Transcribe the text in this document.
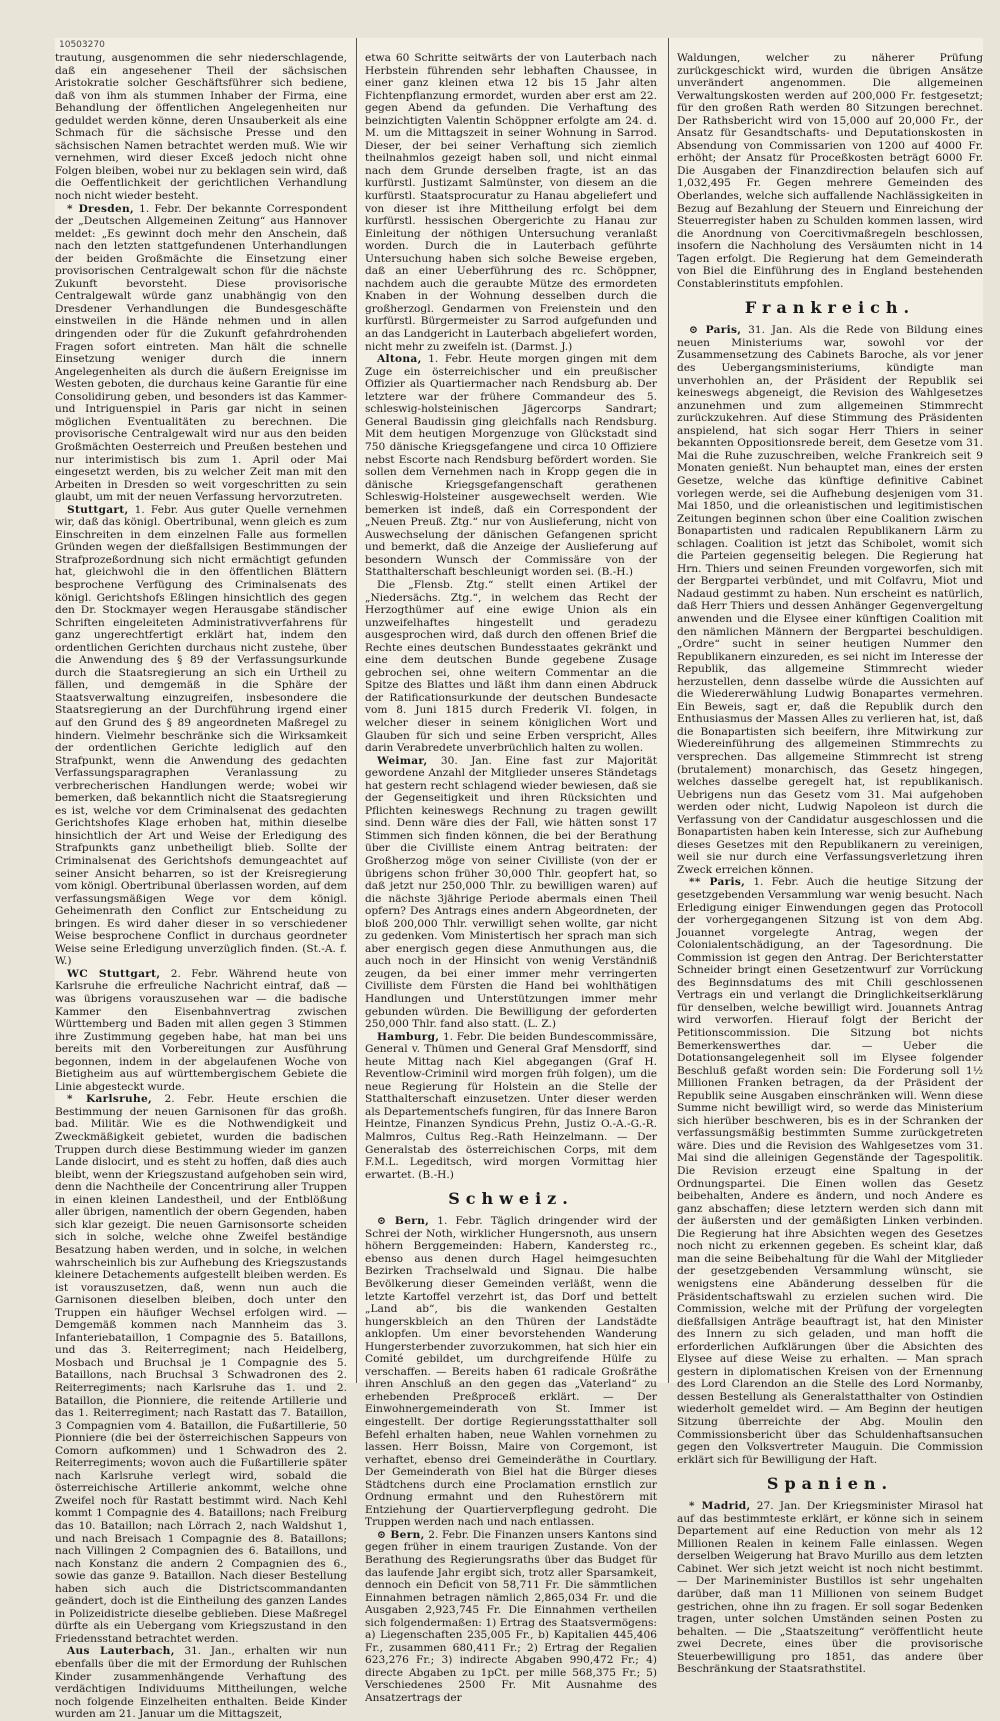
10503270

trautung, ausgenommen die sehr niederschlagende, daß ein angesehener Theil der sächsischen Aristokratie solcher Geschäftsführer sich bediene, daß von ihm als stummen Inhaber der Firma, eine Behandlung der öffentlichen Angelegenheiten nur geduldet werden könne, deren Unsauberkeit als eine Schmach für die sächsische Presse und den sächsischen Namen betrachtet werden muß. Wie wir vernehmen, wird dieser Exceß jedoch nicht ohne Folgen bleiben, wobei nur zu beklagen sein wird, daß die Oeffentlichkeit der gerichtlichen Verhandlung noch nicht wieder besteht.

* Dresden, 1. Febr. Der bekannte Correspondent der „Deutschen Allgemeinen Zeitung“ aus Hannover meldet: „Es gewinnt doch mehr den Anschein, daß nach den letzten stattgefundenen Unterhandlungen der beiden Großmächte die Einsetzung einer provisorischen Centralgewalt schon für die nächste Zukunft bevorsteht. Diese provisorische Centralgewalt würde ganz unabhängig von den Dresdener Verhandlungen die Bundesgeschäfte einstweilen in die Hände nehmen und in allen dringenden oder für die Zukunft gefahrdrohenden Fragen sofort eintreten. Man hält die schnelle Einsetzung weniger durch die innern Angelegenheiten als durch die äußern Ereignisse im Westen geboten, die durchaus keine Garantie für eine Consolidirung geben, und besonders ist das Kammer- und Intriguenspiel in Paris gar nicht in seinen möglichen Eventualitäten zu berechnen. Die provisorische Centralgewalt wird nur aus den beiden Großmächten Oesterreich und Preußen bestehen und nur interimistisch bis zum 1. April oder Mai eingesetzt werden, bis zu welcher Zeit man mit den Arbeiten in Dresden so weit vorgeschritten zu sein glaubt, um mit der neuen Verfassung hervorzutreten.

Stuttgart, 1. Febr. Aus guter Quelle vernehmen wir, daß das königl. Obertribunal, wenn gleich es zum Einschreiten in dem einzelnen Falle aus formellen Gründen wegen der dießfallsigen Bestimmungen der Strafprozeßordnung sich nicht ermächtigt gefunden hat, gleichwohl die in den öffentlichen Blättern besprochene Verfügung des Criminalsenats des königl. Gerichtshofs Eßlingen hinsichtlich des gegen den Dr. Stockmayer wegen Herausgabe ständischer Schriften eingeleiteten Administrativverfahrens für ganz ungerechtfertigt erklärt hat, indem den ordentlichen Gerichten durchaus nicht zustehe, über die Anwendung des § 89 der Verfassungsurkunde durch die Staatsregierung an sich ein Urtheil zu fällen, und demgemäß in die Sphäre der Staatsverwaltung einzugreifen, insbesondere die Staatsregierung an der Durchführung irgend einer auf den Grund des § 89 angeordneten Maßregel zu hindern. Vielmehr beschränke sich die Wirksamkeit der ordentlichen Gerichte lediglich auf den Strafpunkt, wenn die Anwendung des gedachten Verfassungsparagraphen Veranlassung zu verbrecherischen Handlungen werde; wobei wir bemerken, daß bekanntlich nicht die Staatsregierung es ist, welche vor dem Criminalsenat des gedachten Gerichtshofes Klage erhoben hat, mithin dieselbe hinsichtlich der Art und Weise der Erledigung des Strafpunkts ganz unbetheiligt blieb. Sollte der Criminalsenat des Gerichtshofs demungeachtet auf seiner Ansicht beharren, so ist der Kreisregierung vom königl. Obertribunal überlassen worden, auf dem verfassungsmäßigen Wege vor dem königl. Geheimenrath den Conflict zur Entscheidung zu bringen. Es wird daher dieser in so verschiedener Weise besprochene Conflict in durchaus geordneter Weise seine Erledigung unverzüglich finden. (St.-A. f. W.)

WC Stuttgart, 2. Febr. Während heute von Karlsruhe die erfreuliche Nachricht eintraf, daß — was übrigens vorauszusehen war — die badische Kammer den Eisenbahnvertrag zwischen Württemberg und Baden mit allen gegen 3 Stimmen ihre Zustimmung gegeben habe, hat man bei uns bereits mit den Vorbereitungen zur Ausführung begonnen, indem in der abgelaufenen Woche von Bietigheim aus auf württembergischem Gebiete die Linie abgesteckt wurde.

* Karlsruhe, 2. Febr. Heute erschien die Bestimmung der neuen Garnisonen für das großh. bad. Militär. Wie es die Nothwendigkeit und Zweckmäßigkeit gebietet, wurden die badischen Truppen durch diese Bestimmung wieder im ganzen Lande dislocirt, und es steht zu hoffen, daß dies auch bleibt, wenn der Kriegszustand aufgehoben sein wird, denn die Nachtheile der Concentrirung aller Truppen in einen kleinen Landestheil, und der Entblößung aller übrigen, namentlich der obern Gegenden, haben sich klar gezeigt. Die neuen Garnisonsorte scheiden sich in solche, welche ohne Zweifel beständige Besatzung haben werden, und in solche, in welchen wahrscheinlich bis zur Aufhebung des Kriegszustands kleinere Detachements aufgestellt bleiben werden. Es ist vorauszusetzen, daß, wenn nun auch die Garnisonen dieselben bleiben, doch unter den Truppen ein häufiger Wechsel erfolgen wird. — Demgemäß kommen nach Mannheim das 3. Infanteriebataillon, 1 Compagnie des 5. Bataillons, und das 3. Reiterregiment; nach Heidelberg, Mosbach und Bruchsal je 1 Compagnie des 5. Bataillons, nach Bruchsal 3 Schwadronen des 2. Reiterregiments; nach Karlsruhe das 1. und 2. Bataillon, die Pionniere, die reitende Artillerie und das 1. Reiterregiment; nach Rastatt das 7. Bataillon, 3 Compagnien vom 4. Bataillon, die Fußartillerie, 50 Pionniere (die bei der österreichischen Sappeurs von Comorn aufkommen) und 1 Schwadron des 2. Reiterregiments; wovon auch die Fußartillerie später nach Karlsruhe verlegt wird, sobald die österreichische Artillerie ankommt, welche ohne Zweifel noch für Rastatt bestimmt wird. Nach Kehl kommt 1 Compagnie des 4. Bataillons; nach Freiburg das 10. Bataillon; nach Lörrach 2, nach Waldshut 1, und nach Breisach 1 Compagnie des 8. Bataillons; nach Villingen 2 Compagnien des 6. Bataillons, und nach Konstanz die andern 2 Compagnien des 6., sowie das ganze 9. Bataillon. Nach dieser Bestellung haben sich auch die Districtscommandanten geändert, doch ist die Eintheilung des ganzen Landes in Polizeidistricte dieselbe geblieben. Diese Maßregel dürfte als ein Uebergang vom Kriegszustand in den Friedensstand betrachtet werden.

Aus Lauterbach, 31. Jan., erhalten wir nun ebenfalls über die mit der Ermordung der Ruhlschen Kinder zusammenhängende Verhaftung des verdächtigen Individuums Mittheilungen, welche noch folgende Einzelheiten enthalten. Beide Kinder wurden am 21. Januar um die Mittagszeit,

etwa 60 Schritte seitwärts der von Lauterbach nach Herbstein führenden sehr lebhaften Chaussee, in einer ganz kleinen etwa 12 bis 15 Jahr alten Fichtenpflanzung ermordet, wurden aber erst am 22. gegen Abend da gefunden. Die Verhaftung des beinzichtigten Valentin Schöppner erfolgte am 24. d. M. um die Mittagszeit in seiner Wohnung in Sarrod. Dieser, der bei seiner Verhaftung sich ziemlich theilnahmlos gezeigt haben soll, und nicht einmal nach dem Grunde derselben fragte, ist an das kurfürstl. Justizamt Salmünster, von diesem an die kurfürstl. Staatsprocuratur zu Hanau abgeliefert und von dieser ist ihre Mittheilung erfolgt bei dem kurfürstl. hessischen Obergerichte zu Hanau zur Einleitung der nöthigen Untersuchung veranlaßt worden. Durch die in Lauterbach geführte Untersuchung haben sich solche Beweise ergeben, daß an einer Ueberführung des rc. Schöppner, nachdem auch die geraubte Mütze des ermordeten Knaben in der Wohnung desselben durch die großherzogl. Gendarmen von Freienstein und den kurfürstl. Bürgermeister zu Sarrod aufgefunden und an das Landgericht in Lauterbach abgeliefert worden, nicht mehr zu zweifeln ist. (Darmst. J.)

Altona, 1. Febr. Heute morgen gingen mit dem Zuge ein österreichischer und ein preußischer Offizier als Quartiermacher nach Rendsburg ab. Der letztere war der frühere Commandeur des 5. schleswig-holsteinischen Jägercorps Sandrart; General Baudissin ging gleichfalls nach Rendsburg. Mit dem heutigen Morgenzuge von Glückstadt sind 750 dänische Kriegsgefangene und circa 10 Offiziere nebst Escorte nach Rendsburg befördert worden. Sie sollen dem Vernehmen nach in Kropp gegen die in dänische Kriegsgefangenschaft gerathenen Schleswig-Holsteiner ausgewechselt werden. Wie bemerken ist indeß, daß ein Correspondent der „Neuen Preuß. Ztg.“ nur von Auslieferung, nicht von Auswechselung der dänischen Gefangenen spricht und bemerkt, daß die Anzeige der Auslieferung auf besondern Wunsch der Commissäre von der Statthalterschaft beschleunigt worden sei. (B.-H.)

Die „Flensb. Ztg.“ stellt einen Artikel der „Niedersächs. Ztg.“, in welchem das Recht der Herzogthümer auf eine ewige Union als ein unzweifelhaftes hingestellt und geradezu ausgesprochen wird, daß durch den offenen Brief die Rechte eines deutschen Bundesstaates gekränkt und eine dem deutschen Bunde gegebene Zusage gebrochen sei, ohne weitern Commentar an die Spitze des Blattes und läßt ihm dann einen Abdruck der Ratificationsurkunde der deutschen Bundesacte vom 8. Juni 1815 durch Frederik VI. folgen, in welcher dieser in seinem königlichen Wort und Glauben für sich und seine Erben verspricht, Alles darin Verabredete unverbrüchlich halten zu wollen.

Weimar, 30. Jan. Eine fast zur Majorität gewordene Anzahl der Mitglieder unseres Ständetags hat gestern recht schlagend wieder bewiesen, daß sie der Gegenseitigkeit und ihren Rücksichten und Pflichten keineswegs Rechnung zu tragen gewillt sind. Denn wäre dies der Fall, wie hätten sonst 17 Stimmen sich finden können, die bei der Berathung über die Civilliste einem Antrag beitraten: der Großherzog möge von seiner Civilliste (von der er übrigens schon früher 30,000 Thlr. geopfert hat, so daß jetzt nur 250,000 Thlr. zu bewilligen waren) auf die nächste 3jährige Periode abermals einen Theil opfern? Des Antrags eines andern Abgeordneten, der bloß 200,000 Thlr. verwilligt sehen wollte, gar nicht zu gedenken. Vom Ministertisch her sprach man sich aber energisch gegen diese Anmuthungen aus, die auch noch in der Hinsicht von wenig Verständniß zeugen, da bei einer immer mehr verringerten Civilliste dem Fürsten die Hand bei wohlthätigen Handlungen und Unterstützungen immer mehr gebunden würden. Die Bewilligung der geforderten 250,000 Thlr. fand also statt. (L. Z.)

Hamburg, 1. Febr. Die beiden Bundescommissäre, General v. Thümen und General Graf Mensdorff, sind heute Mittag nach Kiel abgegangen (Graf H. Reventlow-Criminil wird morgen früh folgen), um die neue Regierung für Holstein an die Stelle der Statthalterschaft einzusetzen. Unter dieser werden als Departementschefs fungiren, für das Innere Baron Heintze, Finanzen Syndicus Prehn, Justiz O.-A.-G.-R. Malmros, Cultus Reg.-Rath Heinzelmann. — Der Generalstab des österreichischen Corps, mit dem F.M.L. Legeditsch, wird morgen Vormittag hier erwartet. (B.-H.)

Schweiz.

⊙ Bern, 1. Febr. Täglich dringender wird der Schrei der Noth, wirklicher Hungersnoth, aus unsern höhern Berggemeinden: Habern, Kandersteg rc., ebenso aus denen durch Hagel heimgesuchten Bezirken Trachselwald und Signau. Die halbe Bevölkerung dieser Gemeinden verläßt, wenn die letzte Kartoffel verzehrt ist, das Dorf und bettelt „Land ab“, bis die wankenden Gestalten hungerskbleich an den Thüren der Landstädte anklopfen. Um einer bevorstehenden Wanderung Hungersterbender zuvorzukommen, hat sich hier ein Comité gebildet, um durchgreifende Hülfe zu verschaffen. — Bereits haben 61 radicale Großräthe ihren Anschluß an den gegen das „Vaterland“ zu erhebenden Preßproceß erklärt. — Der Einwohnergemeinderath von St. Immer ist eingestellt. Der dortige Regierungsstatthalter soll Befehl erhalten haben, neue Wahlen vornehmen zu lassen. Herr Boissn, Maire von Corgemont, ist verhaftet, ebenso drei Gemeinderäthe in Courtlary. Der Gemeinderath von Biel hat die Bürger dieses Städtchens durch eine Proclamation ernstlich zur Ordnung ermahnt und den Ruhestörern mit Entziehung der Quartierverpflegung gedroht. Die Truppen werden nach und nach entlassen.

⊙ Bern, 2. Febr. Die Finanzen unsers Kantons sind gegen früher in einem traurigen Zustande. Von der Berathung des Regierungsraths über das Budget für das laufende Jahr ergibt sich, trotz aller Sparsamkeit, dennoch ein Deficit von 58,711 Fr. Die sämmtlichen Einnahmen betragen nämlich 2,865,034 Fr. und die Ausgaben 2,923,745 Fr. Die Einnahmen vertheilen sich folgendermaßen: 1) Ertrag des Staatsvermögens: a) Liegenschaften 235,005 Fr., b) Kapitalien 445,406 Fr., zusammen 680,411 Fr.; 2) Ertrag der Regalien 623,276 Fr.; 3) indirecte Abgaben 990,472 Fr.; 4) directe Abgaben zu 1pCt. per mille 568,375 Fr.; 5) Verschiedenes 2500 Fr. Mit Ausnahme des Ansatzertrags der

Waldungen, welcher zu näherer Prüfung zurückgeschickt wird, wurden die übrigen Ansätze unverändert angenommen. Die allgemeinen Verwaltungskosten werden auf 200,000 Fr. festgesetzt; für den großen Rath werden 80 Sitzungen berechnet. Der Rathsbericht wird von 15,000 auf 20,000 Fr., der Ansatz für Gesandtschafts- und Deputationskosten in Absendung von Commissarien von 1200 auf 4000 Fr. erhöht; der Ansatz für Proceßkosten beträgt 6000 Fr. Die Ausgaben der Finanzdirection belaufen sich auf 1,032,495 Fr. Gegen mehrere Gemeinden des Oberlandes, welche sich auffallende Nachlässigkeiten in Bezug auf Bezahlung der Steuern und Einreichung der Steuerregister haben zu Schulden kommen lassen, wird die Anordnung von Coercitivmaßregeln beschlossen, insofern die Nachholung des Versäumten nicht in 14 Tagen erfolgt. Die Regierung hat dem Gemeinderath von Biel die Einführung des in England bestehenden Constablerinstituts empfohlen.

Frankreich.

⊙ Paris, 31. Jan. Als die Rede von Bildung eines neuen Ministeriums war, sowohl vor der Zusammensetzung des Cabinets Baroche, als vor jener des Uebergangsministeriums, kündigte man unverhohlen an, der Präsident der Republik sei keineswegs abgeneigt, die Revision des Wahlgesetzes anzunehmen und zum allgemeinen Stimmrecht zurückzukehren. Auf diese Stimmung des Präsidenten anspielend, hat sich sogar Herr Thiers in seiner bekannten Oppositionsrede bereit, dem Gesetze vom 31. Mai die Ruhe zuzuschreiben, welche Frankreich seit 9 Monaten genießt. Nun behauptet man, eines der ersten Gesetze, welche das künftige definitive Cabinet vorlegen werde, sei die Aufhebung desjenigen vom 31. Mai 1850, und die orleanistischen und legitimistischen Zeitungen beginnen schon über eine Coalition zwischen Bonapartisten und radicalen Republikanern Lärm zu schlagen. Coalition ist jetzt das Schibolet, womit sich die Parteien gegenseitig belegen. Die Regierung hat Hrn. Thiers und seinen Freunden vorgeworfen, sich mit der Bergpartei verbündet, und mit Colfavru, Miot und Nadaud gestimmt zu haben. Nun erscheint es natürlich, daß Herr Thiers und dessen Anhänger Gegenvergeltung anwenden und die Elysee einer künftigen Coalition mit den nämlichen Männern der Bergpartei beschuldigen. „Ordre“ sucht in seiner heutigen Nummer den Republikanern einzureden, es sei nicht im Interesse der Republik, das allgemeine Stimmrecht wieder herzustellen, denn dasselbe würde die Aussichten auf die Wiedererwählung Ludwig Bonapartes vermehren. Ein Beweis, sagt er, daß die Republik durch den Enthusiasmus der Massen Alles zu verlieren hat, ist, daß die Bonapartisten sich beeifern, ihre Mitwirkung zur Wiedereinführung des allgemeinen Stimmrechts zu versprechen. Das allgemeine Stimmrecht ist streng (brutalement) monarchisch, das Gesetz hingegen, welches dasselbe geregelt hat, ist republikanisch. Uebrigens nun das Gesetz vom 31. Mai aufgehoben werden oder nicht, Ludwig Napoleon ist durch die Verfassung von der Candidatur ausgeschlossen und die Bonapartisten haben kein Interesse, sich zur Aufhebung dieses Gesetzes mit den Republikanern zu vereinigen, weil sie nur durch eine Verfassungsverletzung ihren Zweck erreichen können.

** Paris, 1. Febr. Auch die heutige Sitzung der gesetzgebenden Versammlung war wenig besucht. Nach Erledigung einiger Einwendungen gegen das Protocoll der vorhergegangenen Sitzung ist von dem Abg. Jouannet vorgelegte Antrag, wegen der Colonialentschädigung, an der Tagesordnung. Die Commission ist gegen den Antrag. Der Berichterstatter Schneider bringt einen Gesetzentwurf zur Vorrückung des Beginnsdatums des mit Chili geschlossenen Vertrags ein und verlangt die Dringlichkeitserklärung für denselben, welche bewilligt wird. Jouannets Antrag wird verworfen. Hierauf folgt der Bericht der Petitionscommission. Die Sitzung bot nichts Bemerkenswerthes dar. — Ueber die Dotationsangelegenheit soll im Elysee folgender Beschluß gefaßt worden sein: Die Forderung soll 1½ Millionen Franken betragen, da der Präsident der Republik seine Ausgaben einschränken will. Wenn diese Summe nicht bewilligt wird, so werde das Ministerium sich hierüber beschweren, bis es in der Schranken der verfassungsmäßig bestimmten Summe zurückgetreten wäre. Dies und die Revision des Wahlgesetzes vom 31. Mai sind die alleinigen Gegenstände der Tagespolitik. Die Revision erzeugt eine Spaltung in der Ordnungspartei. Die Einen wollen das Gesetz beibehalten, Andere es ändern, und noch Andere es ganz abschaffen; diese letztern werden sich dann mit der äußersten und der gemäßigten Linken verbinden. Die Regierung hat ihre Absichten wegen des Gesetzes noch nicht zu erkennen gegeben. Es scheint klar, daß man die seine Beibehaltung für die Wahl der Mitglieder der gesetzgebenden Versammlung wünscht, sie wenigstens eine Abänderung desselben für die Präsidentschaftswahl zu erzielen suchen wird. Die Commission, welche mit der Prüfung der vorgelegten dießfallsigen Anträge beauftragt ist, hat den Minister des Innern zu sich geladen, und man hofft die erforderlichen Aufklärungen über die Absichten des Elysee auf diese Weise zu erhalten. — Man sprach gestern in diplomatischen Kreisen von der Ernennung des Lord Clarendon an die Stelle des Lord Normanby, dessen Bestellung als Generalstatthalter von Ostindien wiederholt gemeldet wird. — Am Beginn der heutigen Sitzung überreichte der Abg. Moulin den Commissionsbericht über das Schuldenhaftsansuchen gegen den Volksvertreter Mauguin. Die Commission erklärt sich für Bewilligung der Haft.

Spanien.

* Madrid, 27. Jan. Der Kriegsminister Mirasol hat auf das bestimmteste erklärt, er könne sich in seinem Departement auf eine Reduction von mehr als 12 Millionen Realen in keinem Falle einlassen. Wegen derselben Weigerung hat Bravo Murillo aus dem letzten Cabinet. Wer sich jetzt weicht ist noch nicht bestimmt. — Der Marineminister Bustillos ist sehr ungehalten darüber, daß man 11 Millionen von seinem Budget gestrichen, ohne ihn zu fragen. Er soll sogar Bedenken tragen, unter solchen Umständen seinen Posten zu behalten. — Die „Staatszeitung“ veröffentlicht heute zwei Decrete, eines über die provisorische Steuerbewilligung pro 1851, das andere über Beschränkung der Staatsrathstitel.
